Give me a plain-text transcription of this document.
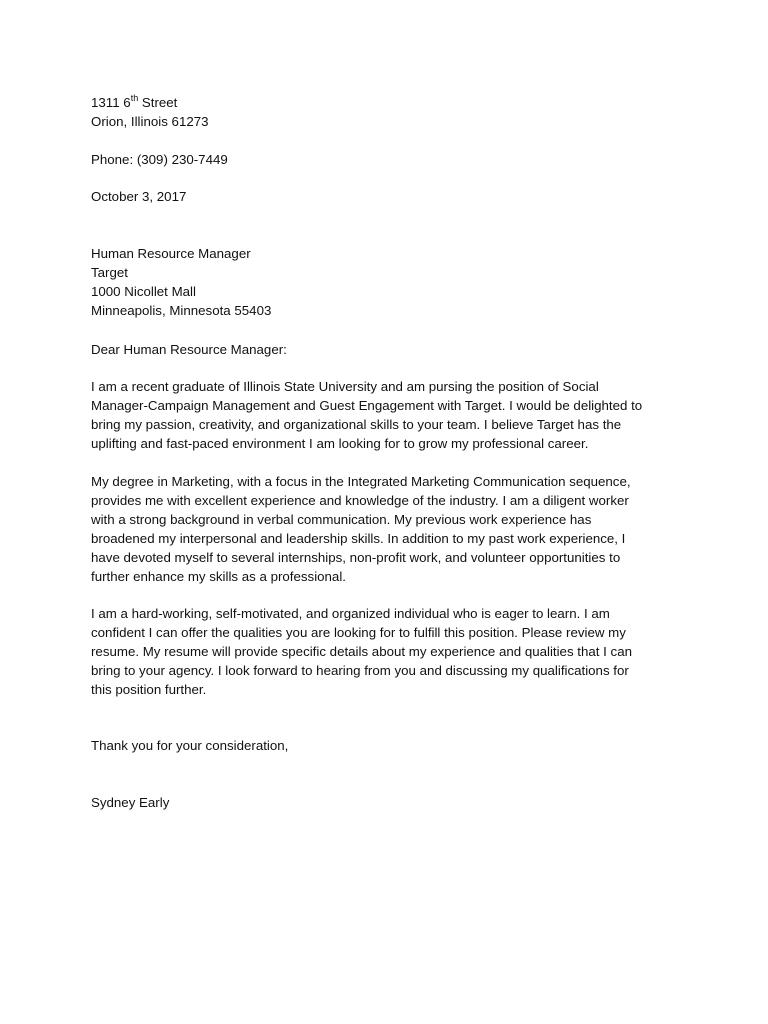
1311 6th Street
Orion, Illinois 61273
Phone: (309) 230-7449
October 3, 2017
Human Resource Manager
Target
1000 Nicollet Mall
Minneapolis, Minnesota 55403
Dear Human Resource Manager:
I am a recent graduate of Illinois State University and am pursing the position of Social
Manager-Campaign Management and Guest Engagement with Target. I would be delighted to
bring my passion, creativity, and organizational skills to your team. I believe Target has the
uplifting and fast-paced environment I am looking for to grow my professional career.
My degree in Marketing, with a focus in the Integrated Marketing Communication sequence,
provides me with excellent experience and knowledge of the industry. I am a diligent worker
with a strong background in verbal communication. My previous work experience has
broadened my interpersonal and leadership skills. In addition to my past work experience, I
have devoted myself to several internships, non-profit work, and volunteer opportunities to
further enhance my skills as a professional.
I am a hard-working, self-motivated, and organized individual who is eager to learn. I am
confident I can offer the qualities you are looking for to fulfill this position. Please review my
resume. My resume will provide specific details about my experience and qualities that I can
bring to your agency. I look forward to hearing from you and discussing my qualifications for
this position further.
Thank you for your consideration,
Sydney Early
